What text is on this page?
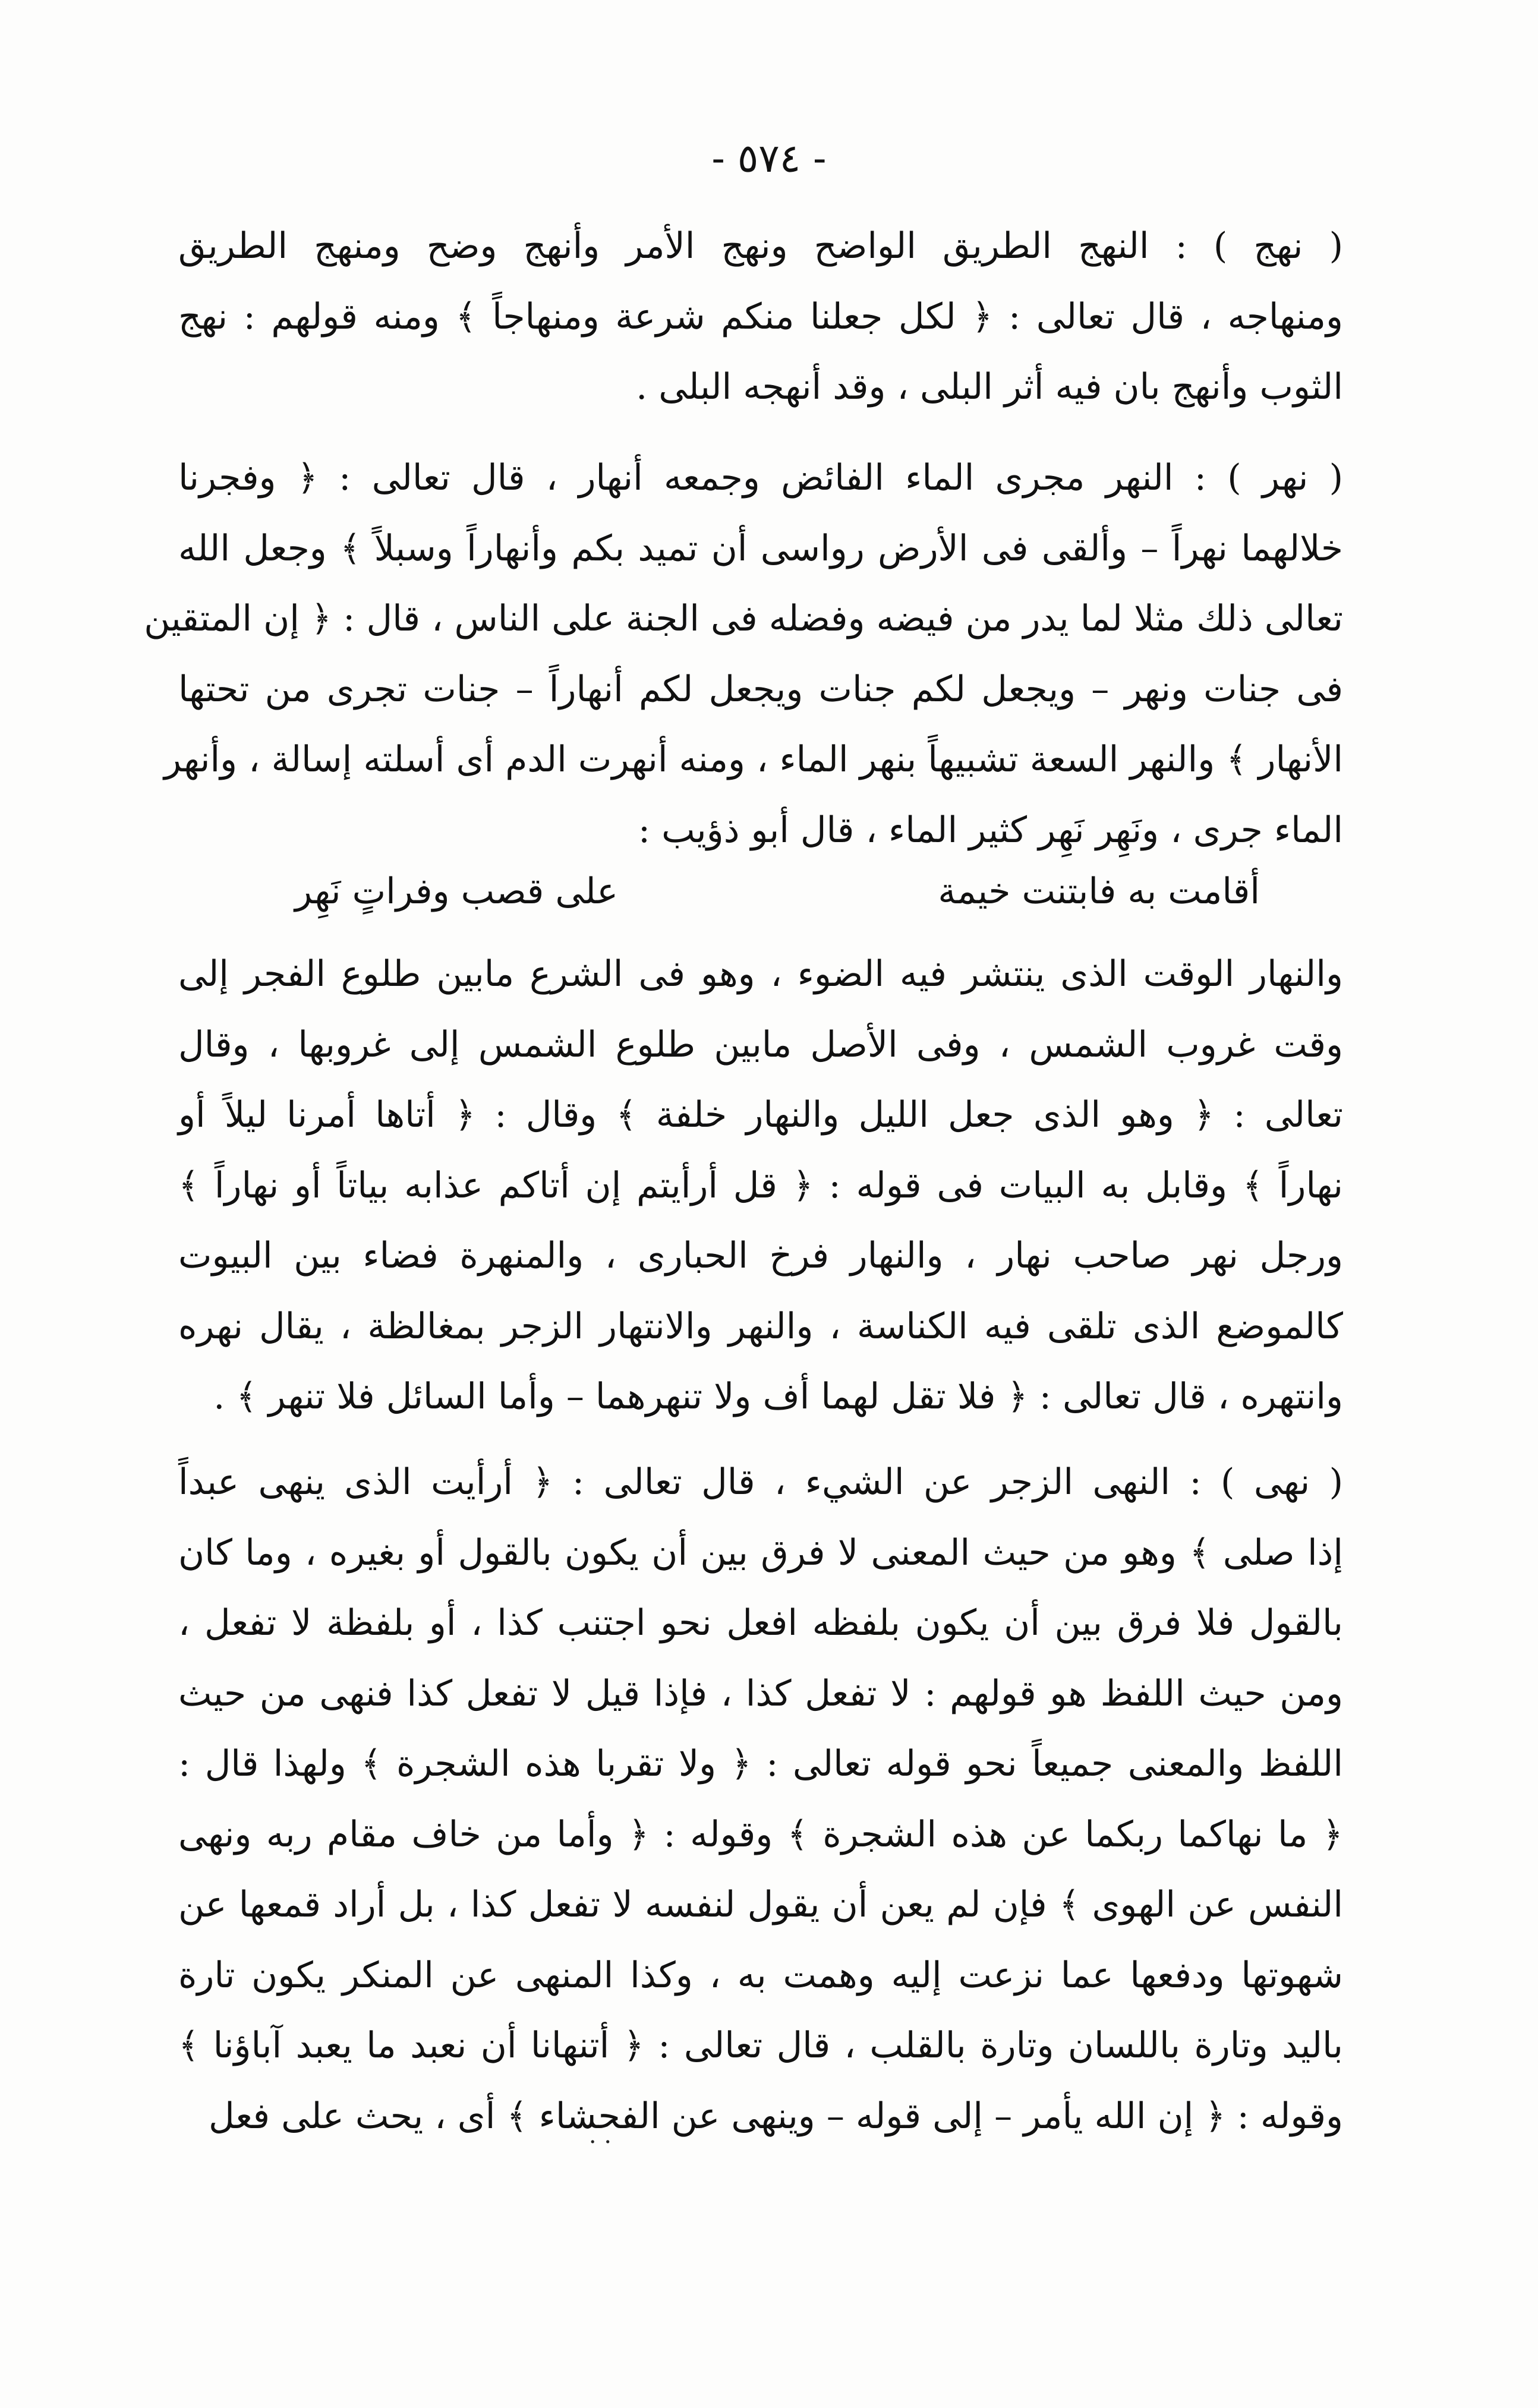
- ٥٧٤ -
( نهج ) : النهج الطريق الواضح ونهج الأمر وأنهج وضح ومنهج الطريق
ومنهاجه ، قال تعالى : ﴿ لكل جعلنا منكم شرعة ومنهاجاً ﴾ ومنه قولهم : نهج
الثوب وأنهج بان فيه أثر البلى ، وقد أنهجه البلى .
( نهر ) : النهر مجرى الماء الفائض وجمعه أنهار ، قال تعالى : ﴿ وفجرنا
خلالهما نهراً – وألقى فى الأرض رواسى أن تميد بكم وأنهاراً وسبلاً ﴾ وجعل الله
تعالى ذلك مثلا لما يدر من فيضه وفضله فى الجنة على الناس ، قال : ﴿ إن المتقين
فى جنات ونهر – ويجعل لكم جنات ويجعل لكم أنهاراً – جنات تجرى من تحتها
الأنهار ﴾ والنهر السعة تشبيهاً بنهر الماء ، ومنه أنهرت الدم أى أسلته إسالة ، وأنهر
الماء جرى ، ونَهِر نَهِر كثير الماء ، قال أبو ذؤيب :
أقامت به فابتنت خيمة
على قصب وفراتٍ نَهِر
والنهار الوقت الذى ينتشر فيه الضوء ، وهو فى الشرع مابين طلوع الفجر إلى
وقت غروب الشمس ، وفى الأصل مابين طلوع الشمس إلى غروبها ، وقال
تعالى : ﴿ وهو الذى جعل الليل والنهار خلفة ﴾ وقال : ﴿ أتاها أمرنا ليلاً أو
نهاراً ﴾ وقابل به البيات فى قوله : ﴿ قل أرأيتم إن أتاكم عذابه بياتاً أو نهاراً ﴾
ورجل نهر صاحب نهار ، والنهار فرخ الحبارى ، والمنهرة فضاء بين البيوت
كالموضع الذى تلقى فيه الكناسة ، والنهر والانتهار الزجر بمغالظة ، يقال نهره
وانتهره ، قال تعالى : ﴿ فلا تقل لهما أف ولا تنهرهما – وأما السائل فلا تنهر ﴾ .
( نهى ) : النهى الزجر عن الشيء ، قال تعالى : ﴿ أرأيت الذى ينهى عبداً
إذا صلى ﴾ وهو من حيث المعنى لا فرق بين أن يكون بالقول أو بغيره ، وما كان
بالقول فلا فرق بين أن يكون بلفظه افعل نحو اجتنب كذا ، أو بلفظة لا تفعل ،
ومن حيث اللفظ هو قولهم : لا تفعل كذا ، فإذا قيل لا تفعل كذا فنهى من حيث
اللفظ والمعنى جميعاً نحو قوله تعالى : ﴿ ولا تقربا هذه الشجرة ﴾ ولهذا قال :
﴿ ما نهاكما ربكما عن هذه الشجرة ﴾ وقوله : ﴿ وأما من خاف مقام ربه ونهى
النفس عن الهوى ﴾ فإن لم يعن أن يقول لنفسه لا تفعل كذا ، بل أراد قمعها عن
شهوتها ودفعها عما نزعت إليه وهمت به ، وكذا المنهى عن المنكر يكون تارة
باليد وتارة باللسان وتارة بالقلب ، قال تعالى : ﴿ أتنهانا أن نعبد ما يعبد آباؤنا ﴾
وقوله : ﴿ إن الله يأمر – إلى قوله – وينهى عن الفحشاء ﴾ أى ، يحث على فعل
· ·
